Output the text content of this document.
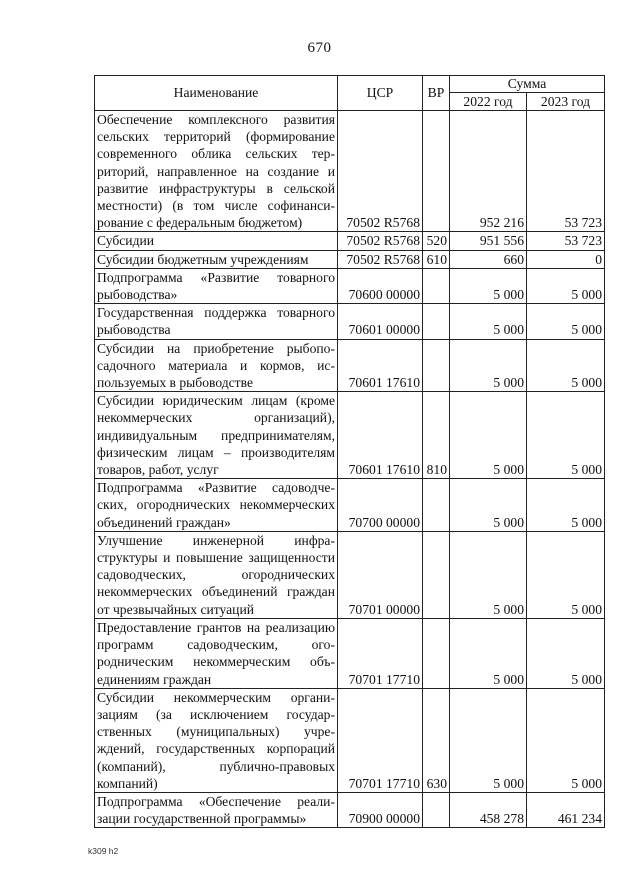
670
Наименование	ЦСР	ВР	Сумма	
			2022 год	2023 год
Обеспечение комплексного развития сельских территорий (формирование современного облика сельских территорий, направленное на создание и развитие инфраструктуры в сельской местности) (в том числе софинансирование с федеральным бюджетом)	70502 R5768		952 216	53 723
Субсидии	70502 R5768	520	951 556	53 723
Субсидии бюджетным учреждениям	70502 R5768	610	660	0
Подпрограмма «Развитие товарного рыбоводства»	70600 00000		5 000	5 000
Государственная поддержка товарного рыбоводства	70601 00000		5 000	5 000
Субсидии на приобретение рыбопосадочного материала и кормов, используемых в рыбоводстве	70601 17610		5 000	5 000
Субсидии юридическим лицам (кроме некоммерческих организаций), индивидуальным предпринимателям, физическим лицам – производителям товаров, работ, услуг	70601 17610	810	5 000	5 000
Подпрограмма «Развитие садоводческих, огороднических некоммерческих объединений граждан»	70700 00000		5 000	5 000
Улучшение инженерной инфраструктуры и повышение защищенности садоводческих, огороднических некоммерческих объединений граждан от чрезвычайных ситуаций	70701 00000		5 000	5 000
Предоставление грантов на реализацию программ садоводческим, огородническим некоммерческим объединениям граждан	70701 17710		5 000	5 000
Субсидии некоммерческим организациям (за исключением государственных (муниципальных) учреждений, государственных корпораций (компаний), публично-правовых компаний)	70701 17710	630	5 000	5 000
Подпрограмма «Обеспечение реализации государственной программы»	70900 00000		458 278	461 234
k309 h2
